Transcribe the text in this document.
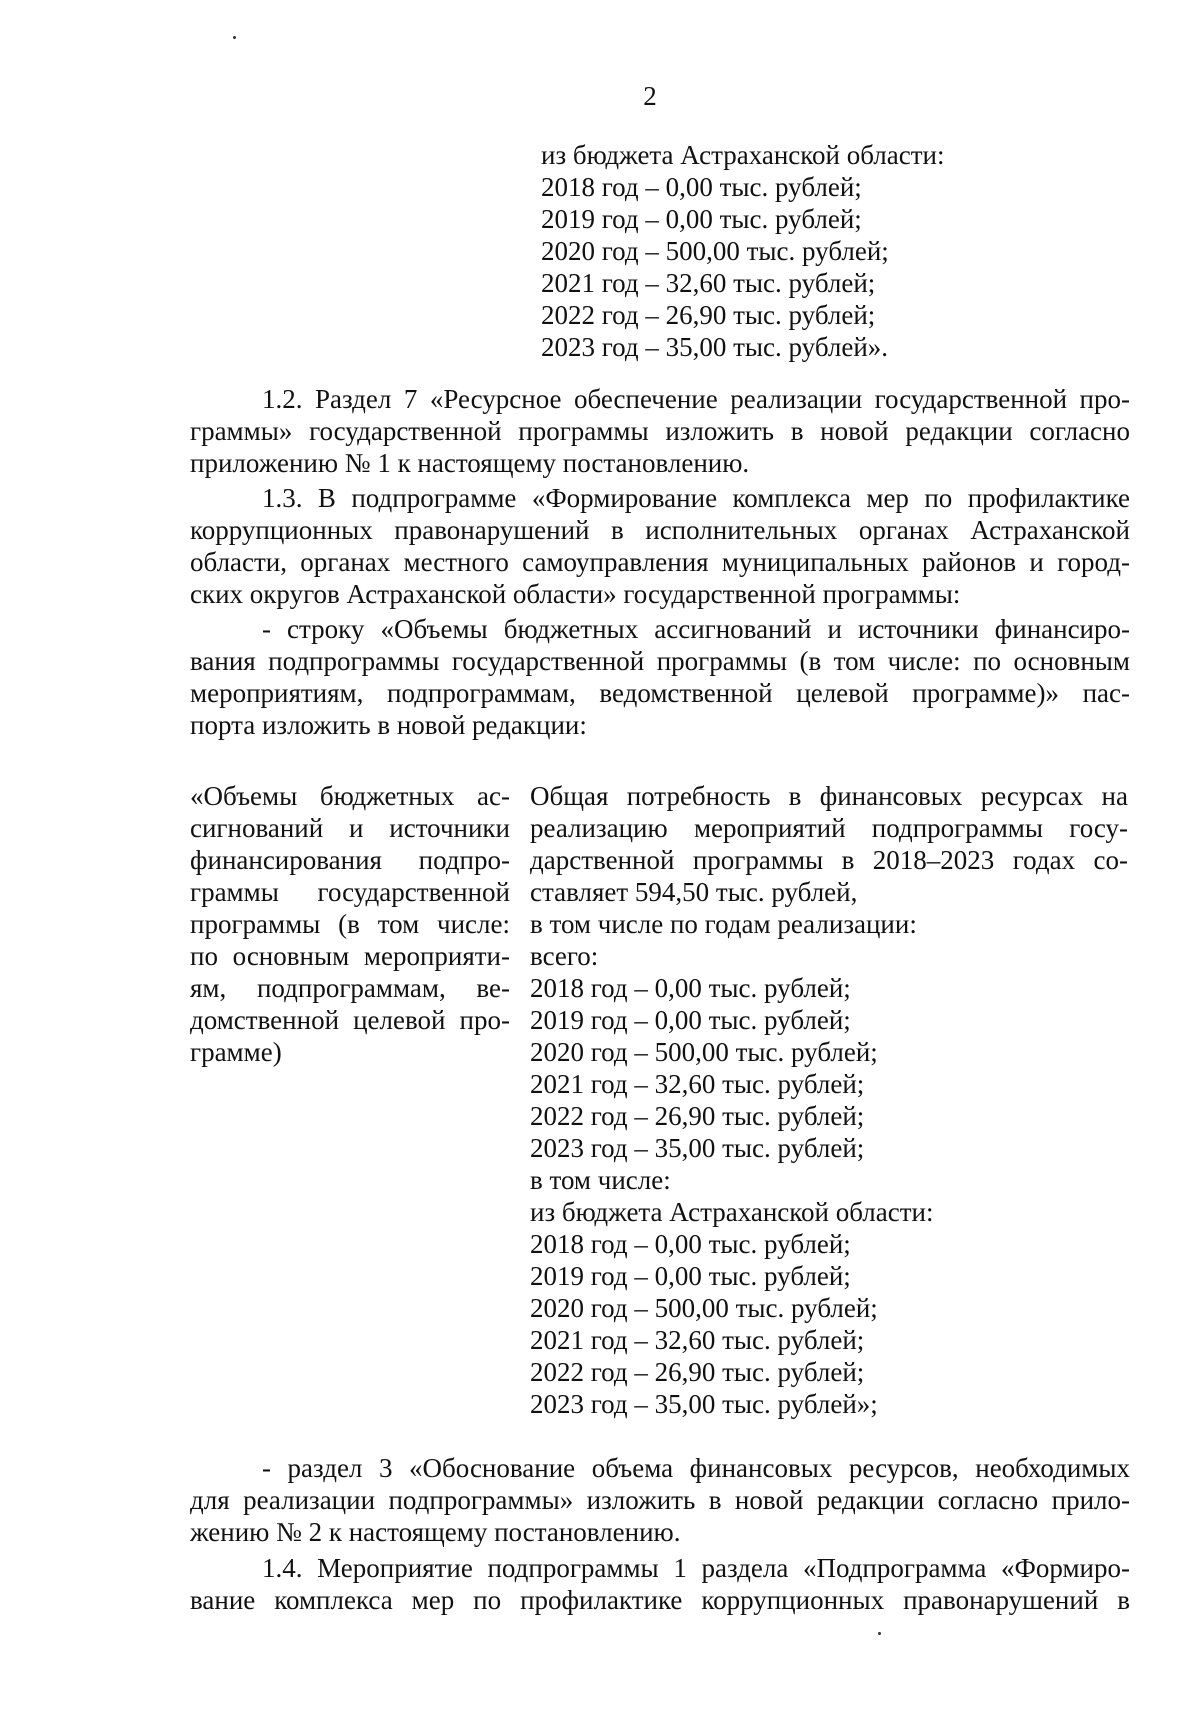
2
из бюджета Астраханской области:
2018 год – 0,00 тыс. рублей;
2019 год – 0,00 тыс. рублей;
2020 год – 500,00 тыс. рублей;
2021 год – 32,60 тыс. рублей;
2022 год – 26,90 тыс. рублей;
2023 год – 35,00 тыс. рублей».
1.2. Раздел 7 «Ресурсное обеспечение реализации государственной про-
граммы» государственной программы изложить в новой редакции согласно
приложению № 1 к настоящему постановлению.
1.3. В подпрограмме «Формирование комплекса мер по профилактике
коррупционных правонарушений в исполнительных органах Астраханской
области, органах местного самоуправления муниципальных районов и город-
ских округов Астраханской области» государственной программы:
- строку «Объемы бюджетных ассигнований и источники финансиро-
вания подпрограммы государственной программы (в том числе: по основным
мероприятиям, подпрограммам, ведомственной целевой программе)» пас-
порта изложить в новой редакции:
«Объемы бюджетных ас-
сигнований и источники
финансирования подпро-
граммы государственной
программы (в том числе:
по основным мероприяти-
ям, подпрограммам, ве-
домственной целевой про-
грамме)
Общая потребность в финансовых ресурсах на
реализацию мероприятий подпрограммы госу-
дарственной программы в 2018–2023 годах со-
ставляет 594,50 тыс. рублей,
в том числе по годам реализации:
всего:
2018 год – 0,00 тыс. рублей;
2019 год – 0,00 тыс. рублей;
2020 год – 500,00 тыс. рублей;
2021 год – 32,60 тыс. рублей;
2022 год – 26,90 тыс. рублей;
2023 год – 35,00 тыс. рублей;
в том числе:
из бюджета Астраханской области:
2018 год – 0,00 тыс. рублей;
2019 год – 0,00 тыс. рублей;
2020 год – 500,00 тыс. рублей;
2021 год – 32,60 тыс. рублей;
2022 год – 26,90 тыс. рублей;
2023 год – 35,00 тыс. рублей»;
- раздел 3 «Обоснование объема финансовых ресурсов, необходимых
для реализации подпрограммы» изложить в новой редакции согласно прило-
жению № 2 к настоящему постановлению.
1.4. Мероприятие подпрограммы 1 раздела «Подпрограмма «Формиро-
вание комплекса мер по профилактике коррупционных правонарушений в
